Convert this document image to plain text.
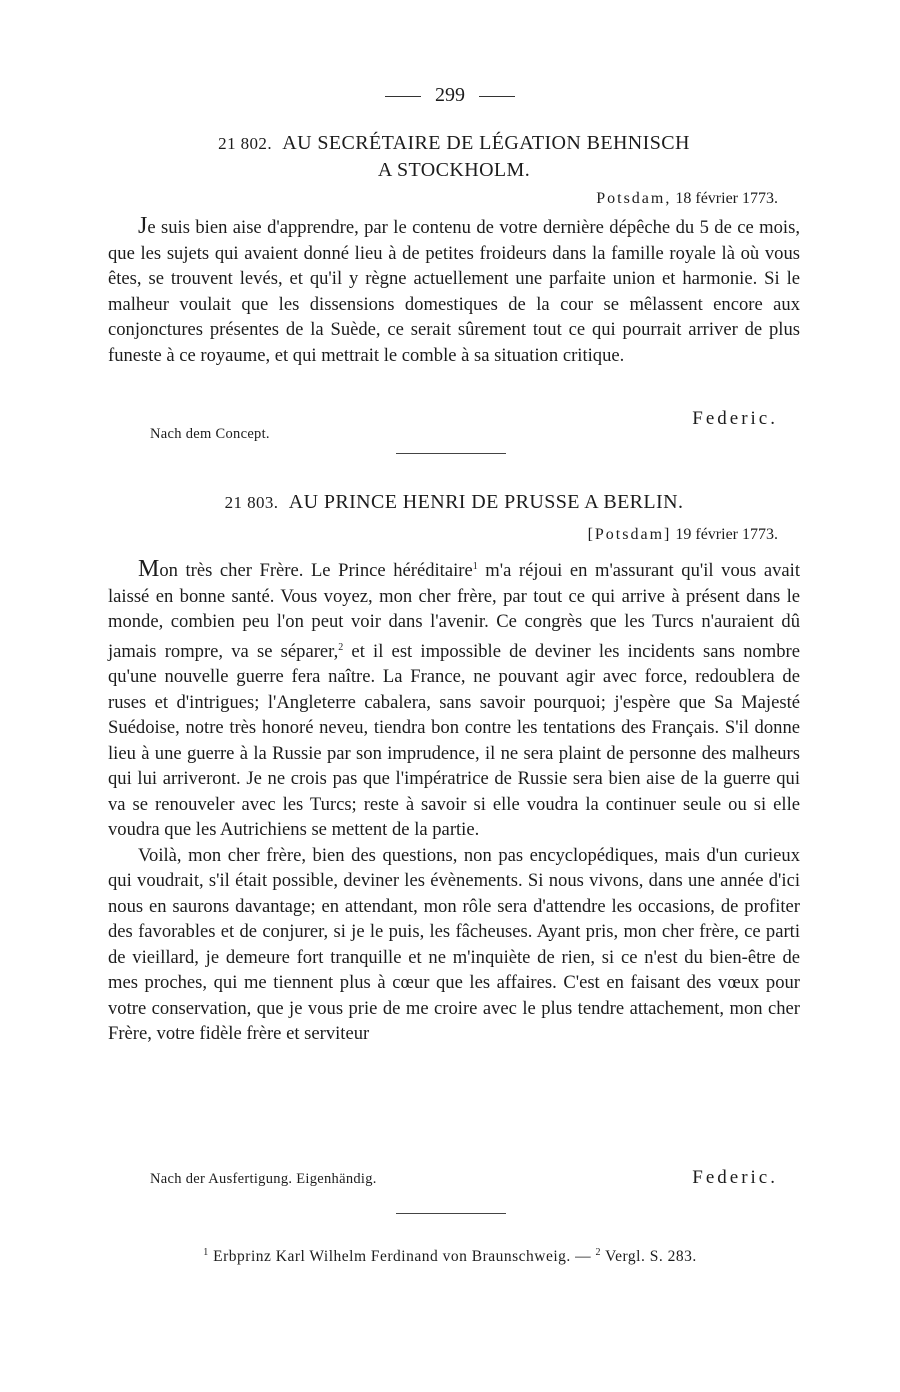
299
21 802. AU SECRÉTAIRE DE LÉGATION BEHNISCH
A STOCKHOLM.
Potsdam, 18 février 1773.

Je suis bien aise d'apprendre, par le contenu de votre dernière dépêche du 5 de ce mois, que les sujets qui avaient donné lieu à de petites froideurs dans la famille royale là où vous êtes, se trouvent levés, et qu'il y règne actuellement une parfaite union et harmonie. Si le malheur voulait que les dissensions domestiques de la cour se mêlassent encore aux conjonctures présentes de la Suède, ce serait sûrement tout ce qui pourrait arriver de plus funeste à ce royaume, et qui mettrait le comble à sa situation critique.

Federic.
Nach dem Concept.
21 803. AU PRINCE HENRI DE PRUSSE A BERLIN.
[Potsdam] 19 février 1773.

Mon très cher Frère. Le Prince héréditaire$^1$ m'a réjoui en m'assurant qu'il vous avait laissé en bonne santé. Vous voyez, mon cher frère, par tout ce qui arrive à présent dans le monde, combien peu l'on peut voir dans l'avenir. Ce congrès que les Turcs n'auraient dû jamais rompre, va se séparer,$^2$ et il est impossible de deviner les incidents sans nombre qu'une nouvelle guerre fera naître. La France, ne pouvant agir avec force, redoublera de ruses et d'intrigues; l'Angleterre cabalera, sans savoir pourquoi; j'espère que Sa Majesté Suédoise, notre très honoré neveu, tiendra bon contre les tentations des Français. S'il donne lieu à une guerre à la Russie par son imprudence, il ne sera plaint de personne des malheurs qui lui arriveront. Je ne crois pas que l'impératrice de Russie sera bien aise de la guerre qui va se renouveler avec les Turcs; reste à savoir si elle voudra la continuer seule ou si elle voudra que les Autrichiens se mettent de la partie.

Voilà, mon cher frère, bien des questions, non pas encyclopédiques, mais d'un curieux qui voudrait, s'il était possible, deviner les évènements. Si nous vivons, dans une année d'ici nous en saurons davantage; en attendant, mon rôle sera d'attendre les occasions, de profiter des favorables et de conjurer, si je le puis, les fâcheuses. Ayant pris, mon cher frère, ce parti de vieillard, je demeure fort tranquille et ne m'inquiète de rien, si ce n'est du bien-être de mes proches, qui me tiennent plus à cœur que les affaires. C'est en faisant des vœux pour votre conservation, que je vous prie de me croire avec le plus tendre attachement, mon cher Frère, votre fidèle frère et serviteur

Nach der Ausfertigung. Eigenhändig.	Federic.
$^1$ Erbprinz Karl Wilhelm Ferdinand von Braunschweig. — $^2$ Vergl. S. 283.
